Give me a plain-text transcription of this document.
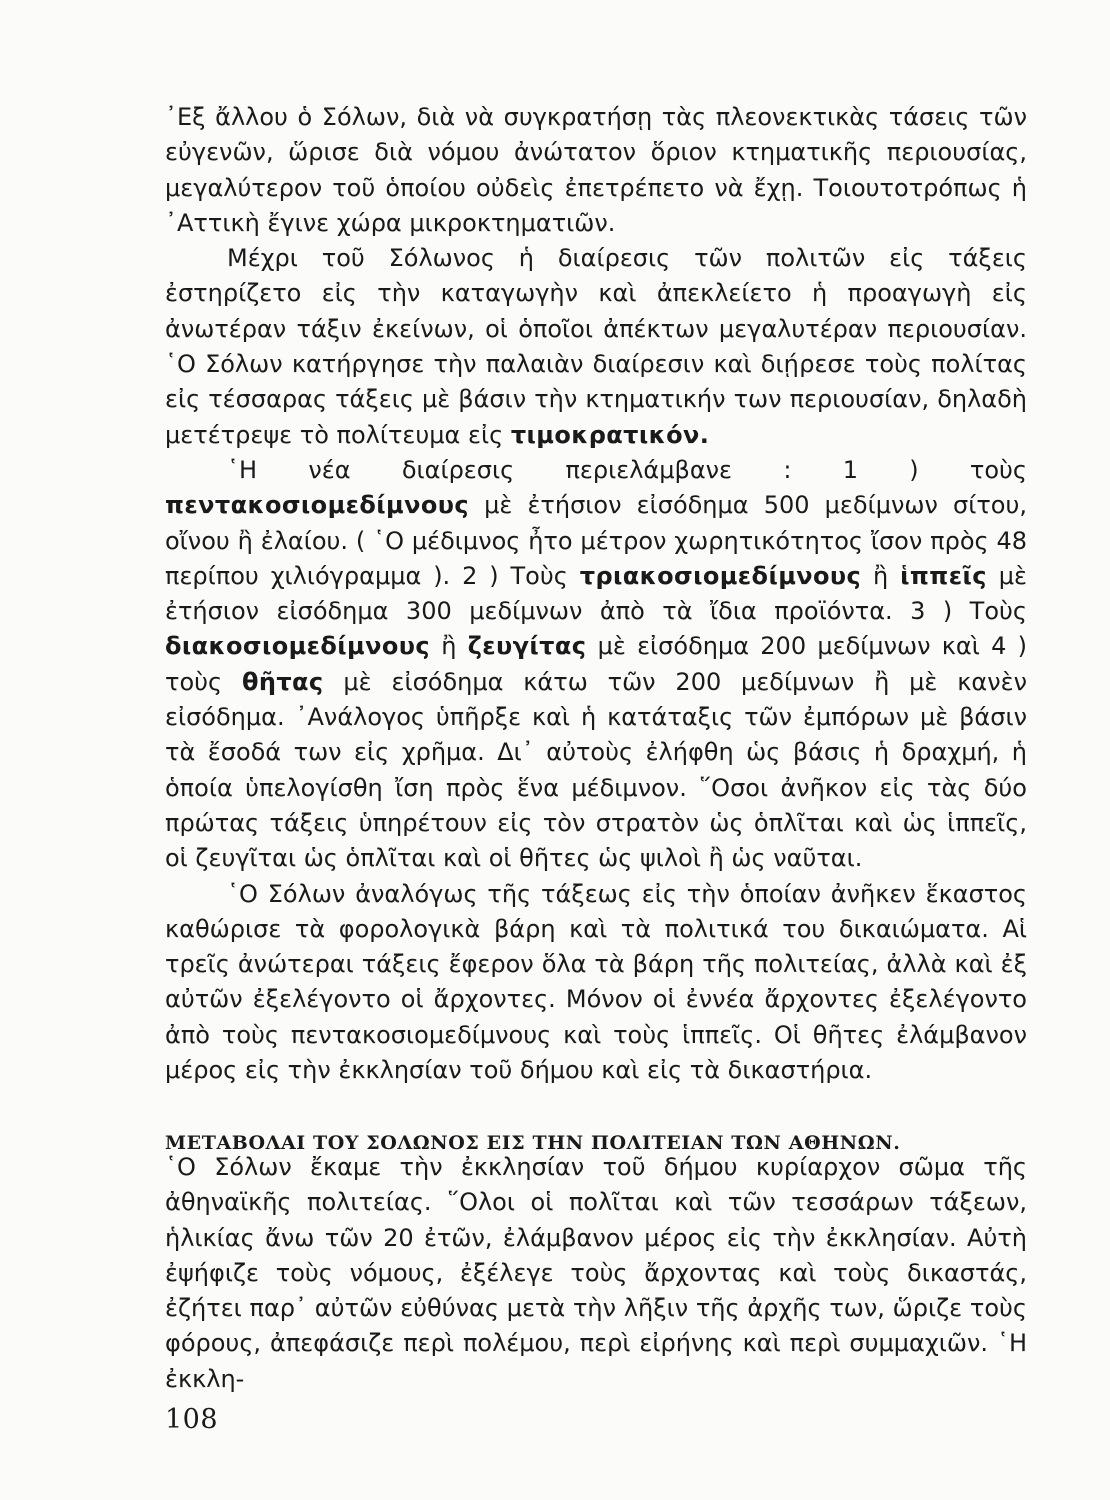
᾿Εξ ἄλλου ὁ Σόλων, διὰ νὰ συγκρατήσῃ τὰς πλεονεκτικὰς τάσεις τῶν εὐγενῶν, ὥρισε διὰ νόμου ἀνώτατον ὅριον κτηματικῆς περιουσίας, μεγαλύτερον τοῦ ὁποίου οὐδεὶς ἐπετρέπετο νὰ ἔχῃ. Τοιουτοτρόπως ἡ ᾿Αττικὴ ἔγινε χώρα μικροκτηματιῶν.

Μέχρι τοῦ Σόλωνος ἡ διαίρεσις τῶν πολιτῶν εἰς τάξεις ἐστηρίζετο εἰς τὴν καταγωγὴν καὶ ἀπεκλείετο ἡ προαγωγὴ εἰς ἀνωτέραν τάξιν ἐκείνων, οἱ ὁποῖοι ἀπέκτων μεγαλυτέραν περιουσίαν. ῾Ο Σόλων κατήργησε τὴν παλαιὰν διαίρεσιν καὶ διῄρεσε τοὺς πολίτας εἰς τέσσαρας τάξεις μὲ βάσιν τὴν κτηματικήν των περιουσίαν, δηλαδὴ μετέτρεψε τὸ πολίτευμα εἰς τιμοκρατικόν.

῾Η νέα διαίρεσις περιελάμβανε : 1 ) τοὺς πεντακοσιομεδίμνους μὲ ἐτήσιον εἰσόδημα 500 μεδίμνων σίτου, οἴνου ἢ ἐλαίου. ( ῾Ο μέδιμνος ἦτο μέτρον χωρητικότητος ἴσον πρὸς 48 περίπου χιλιόγραμμα ). 2 ) Τοὺς τριακοσιομεδίμνους ἢ ἱππεῖς μὲ ἐτήσιον εἰσόδημα 300 μεδίμνων ἀπὸ τὰ ἴδια προϊόντα. 3 ) Τοὺς διακοσιομεδίμνους ἢ ζευγίτας μὲ εἰσόδημα 200 μεδίμνων καὶ 4 ) τοὺς θῆτας μὲ εἰσόδημα κάτω τῶν 200 μεδίμνων ἢ μὲ κανὲν εἰσόδημα. ᾿Ανάλογος ὑπῆρξε καὶ ἡ κατάταξις τῶν ἐμπόρων μὲ βάσιν τὰ ἔσοδά των εἰς χρῆμα. Δι᾿ αὐτοὺς ἐλήφθη ὡς βάσις ἡ δραχμή, ἡ ὁποία ὑπελογίσθη ἴση πρὸς ἕνα μέδιμνον. ῞Οσοι ἀνῆκον εἰς τὰς δύο πρώτας τάξεις ὑπηρέτουν εἰς τὸν στρατὸν ὡς ὁπλῖται καὶ ὡς ἱππεῖς, οἱ ζευγῖται ὡς ὁπλῖται καὶ οἱ θῆτες ὡς ψιλοὶ ἢ ὡς ναῦται.

῾Ο Σόλων ἀναλόγως τῆς τάξεως εἰς τὴν ὁποίαν ἀνῆκεν ἕκαστος καθώρισε τὰ φορολογικὰ βάρη καὶ τὰ πολιτικά του δικαιώματα. Αἱ τρεῖς ἀνώτεραι τάξεις ἔφερον ὅλα τὰ βάρη τῆς πολιτείας, ἀλλὰ καὶ ἐξ αὐτῶν ἐξελέγοντο οἱ ἄρχοντες. Μόνον οἱ ἐννέα ἄρχοντες ἐξελέγοντο ἀπὸ τοὺς πεντακοσιομεδίμνους καὶ τοὺς ἱππεῖς. Οἱ θῆτες ἐλάμβανον μέρος εἰς τὴν ἐκκλησίαν τοῦ δήμου καὶ εἰς τὰ δικαστήρια.

ΜΕΤΑΒΟΛΑΙ ΤΟΥ ΣΟΛΩΝΟΣ ΕΙΣ ΤΗΝ ΠΟΛΙΤΕΙΑΝ ΤΩΝ ΑΘΗΝΩΝ.

῾Ο Σόλων ἔκαμε τὴν ἐκκλησίαν τοῦ δήμου κυρίαρχον σῶμα τῆς ἀθηναϊκῆς πολιτείας. ῞Ολοι οἱ πολῖται καὶ τῶν τεσσάρων τάξεων, ἡλικίας ἄνω τῶν 20 ἐτῶν, ἐλάμβανον μέρος εἰς τὴν ἐκκλησίαν. Αὐτὴ ἐψήφιζε τοὺς νόμους, ἐξέλεγε τοὺς ἄρχοντας καὶ τοὺς δικαστάς, ἐζήτει παρ᾿ αὐτῶν εὐθύνας μετὰ τὴν λῆξιν τῆς ἀρχῆς των, ὥριζε τοὺς φόρους, ἀπεφάσιζε περὶ πολέμου, περὶ εἰρήνης καὶ περὶ συμμαχιῶν. ῾Η ἐκκλη-

108
